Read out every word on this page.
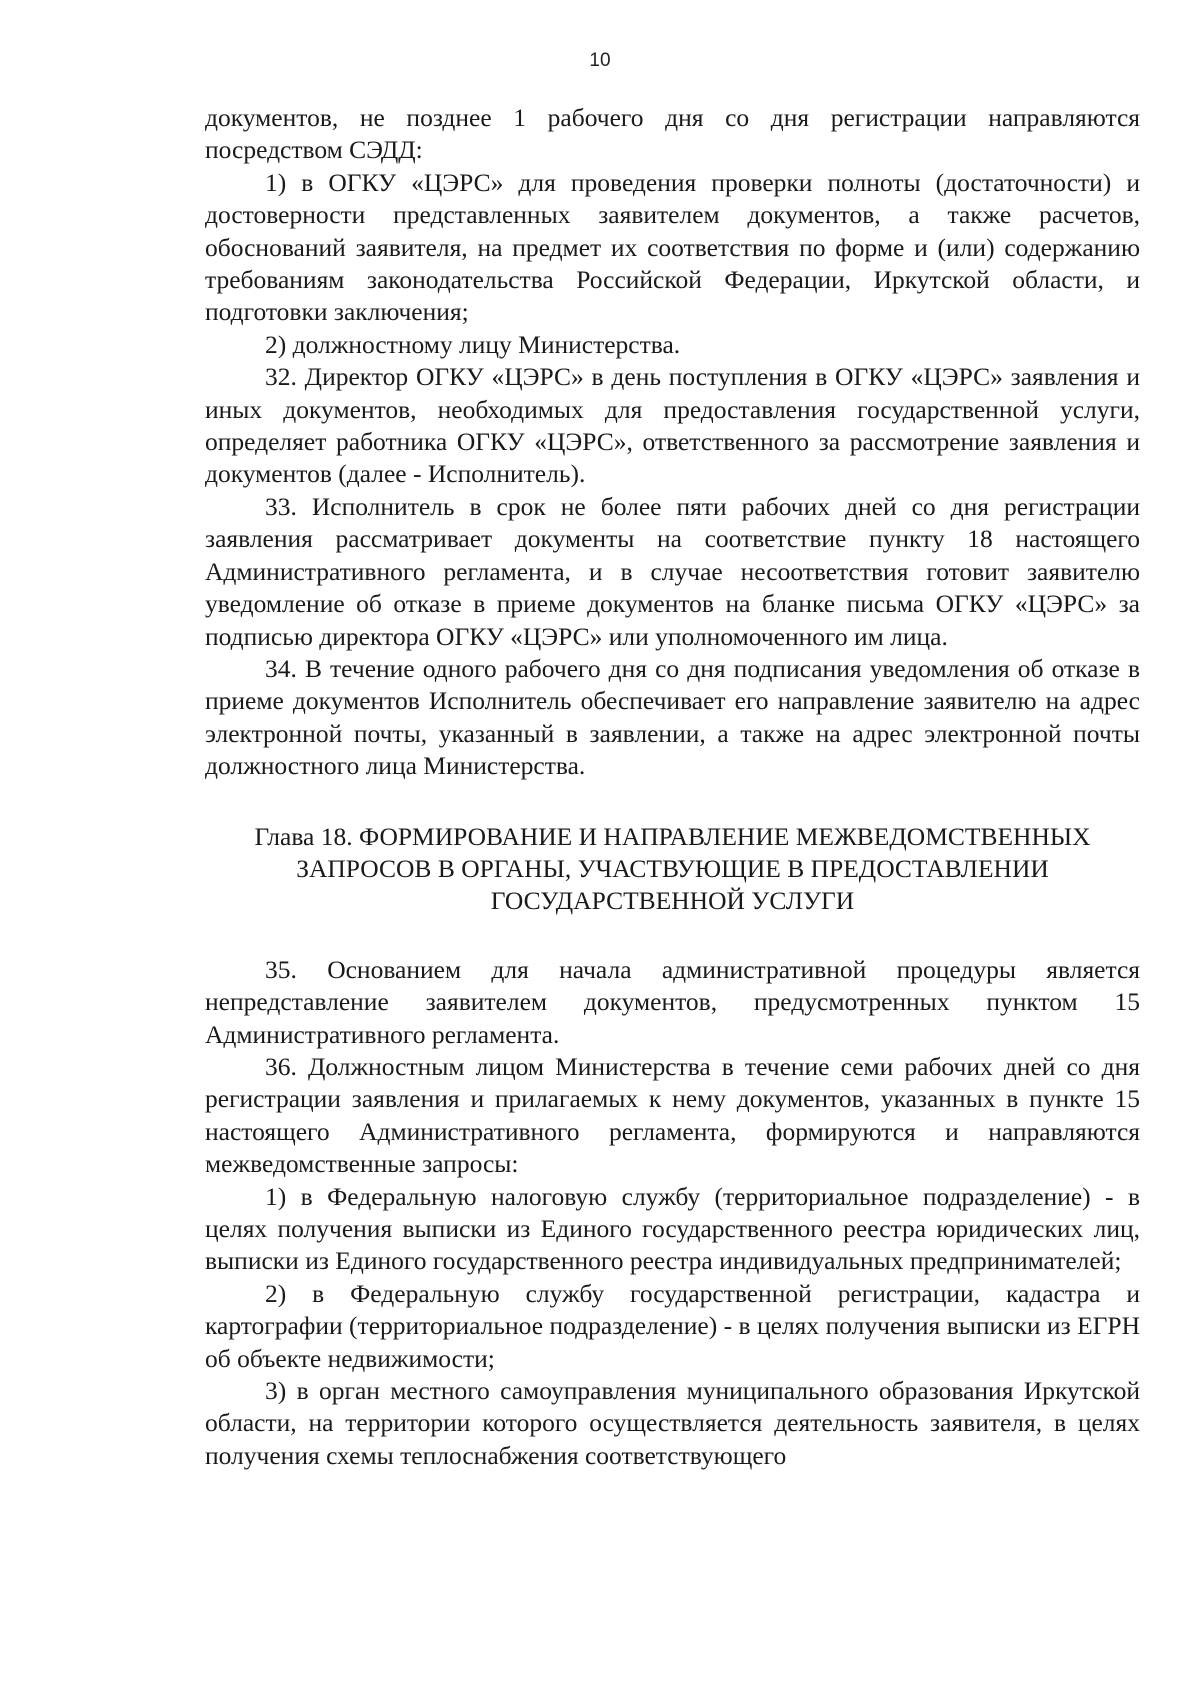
10

документов, не позднее 1 рабочего дня со дня регистрации направляются посредством СЭДД:

1) в ОГКУ «ЦЭРС» для проведения проверки полноты (достаточности) и достоверности представленных заявителем документов, а также расчетов, обоснований заявителя, на предмет их соответствия по форме и (или) содержанию требованиям законодательства Российской Федерации, Иркутской области, и подготовки заключения;

2) должностному лицу Министерства.

32. Директор ОГКУ «ЦЭРС» в день поступления в ОГКУ «ЦЭРС» заявления и иных документов, необходимых для предоставления государственной услуги, определяет работника ОГКУ «ЦЭРС», ответственного за рассмотрение заявления и документов (далее - Исполнитель).

33. Исполнитель в срок не более пяти рабочих дней со дня регистрации заявления рассматривает документы на соответствие пункту 18 настоящего Административного регламента, и в случае несоответствия готовит заявителю уведомление об отказе в приеме документов на бланке письма ОГКУ «ЦЭРС» за подписью директора ОГКУ «ЦЭРС» или уполномоченного им лица.

34. В течение одного рабочего дня со дня подписания уведомления об отказе в приеме документов Исполнитель обеспечивает его направление заявителю на адрес электронной почты, указанный в заявлении, а также на адрес электронной почты должностного лица Министерства.

Глава 18. ФОРМИРОВАНИЕ И НАПРАВЛЕНИЕ МЕЖВЕДОМСТВЕННЫХ
ЗАПРОСОВ В ОРГАНЫ, УЧАСТВУЮЩИЕ В ПРЕДОСТАВЛЕНИИ
ГОСУДАРСТВЕННОЙ УСЛУГИ

35. Основанием для начала административной процедуры является непредставление заявителем документов, предусмотренных пунктом 15 Административного регламента.

36. Должностным лицом Министерства в течение семи рабочих дней со дня регистрации заявления и прилагаемых к нему документов, указанных в пункте 15 настоящего Административного регламента, формируются и направляются межведомственные запросы:

1) в Федеральную налоговую службу (территориальное подразделение) - в целях получения выписки из Единого государственного реестра юридических лиц, выписки из Единого государственного реестра индивидуальных предпринимателей;

2) в Федеральную службу государственной регистрации, кадастра и картографии (территориальное подразделение) - в целях получения выписки из ЕГРН об объекте недвижимости;

3) в орган местного самоуправления муниципального образования Иркутской области, на территории которого осуществляется деятельность заявителя, в целях получения схемы теплоснабжения соответствующего
